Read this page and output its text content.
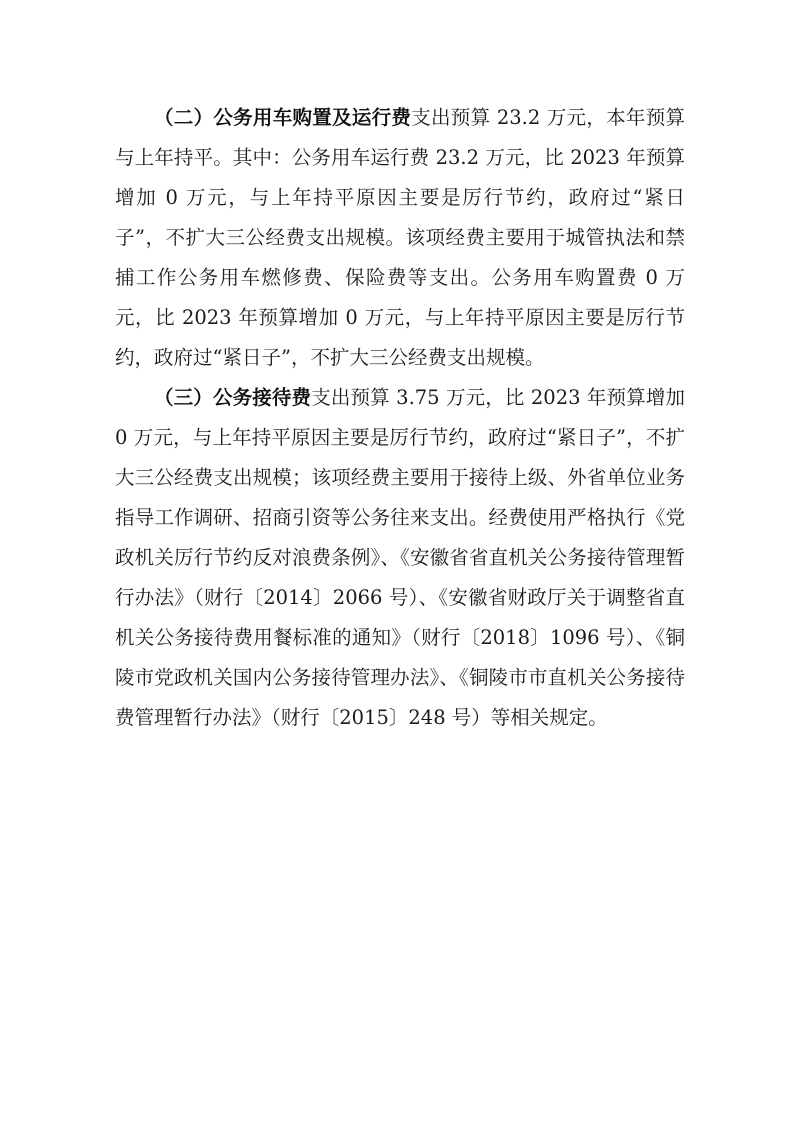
（二）公务用车购置及运行费支出预算 23.2 万元，本年预算与上年持平。其中：公务用车运行费 23.2 万元，比 2023 年预算增加 0 万元，与上年持平原因主要是厉行节约，政府过“紧日子”，不扩大三公经费支出规模。该项经费主要用于城管执法和禁捕工作公务用车燃修费、保险费等支出。公务用车购置费 0 万元，比 2023 年预算增加 0 万元，与上年持平原因主要是厉行节约，政府过“紧日子”，不扩大三公经费支出规模。

（三）公务接待费支出预算 3.75 万元，比 2023 年预算增加 0 万元，与上年持平原因主要是厉行节约，政府过“紧日子”，不扩大三公经费支出规模；该项经费主要用于接待上级、外省单位业务指导工作调研、招商引资等公务往来支出。经费使用严格执行《党政机关厉行节约反对浪费条例》、《安徽省省直机关公务接待管理暂行办法》（财行〔2014〕2066 号）、《安徽省财政厅关于调整省直机关公务接待费用餐标准的通知》（财行〔2018〕1096 号）、《铜陵市党政机关国内公务接待管理办法》、《铜陵市市直机关公务接待费管理暂行办法》（财行〔2015〕248 号）等相关规定。
